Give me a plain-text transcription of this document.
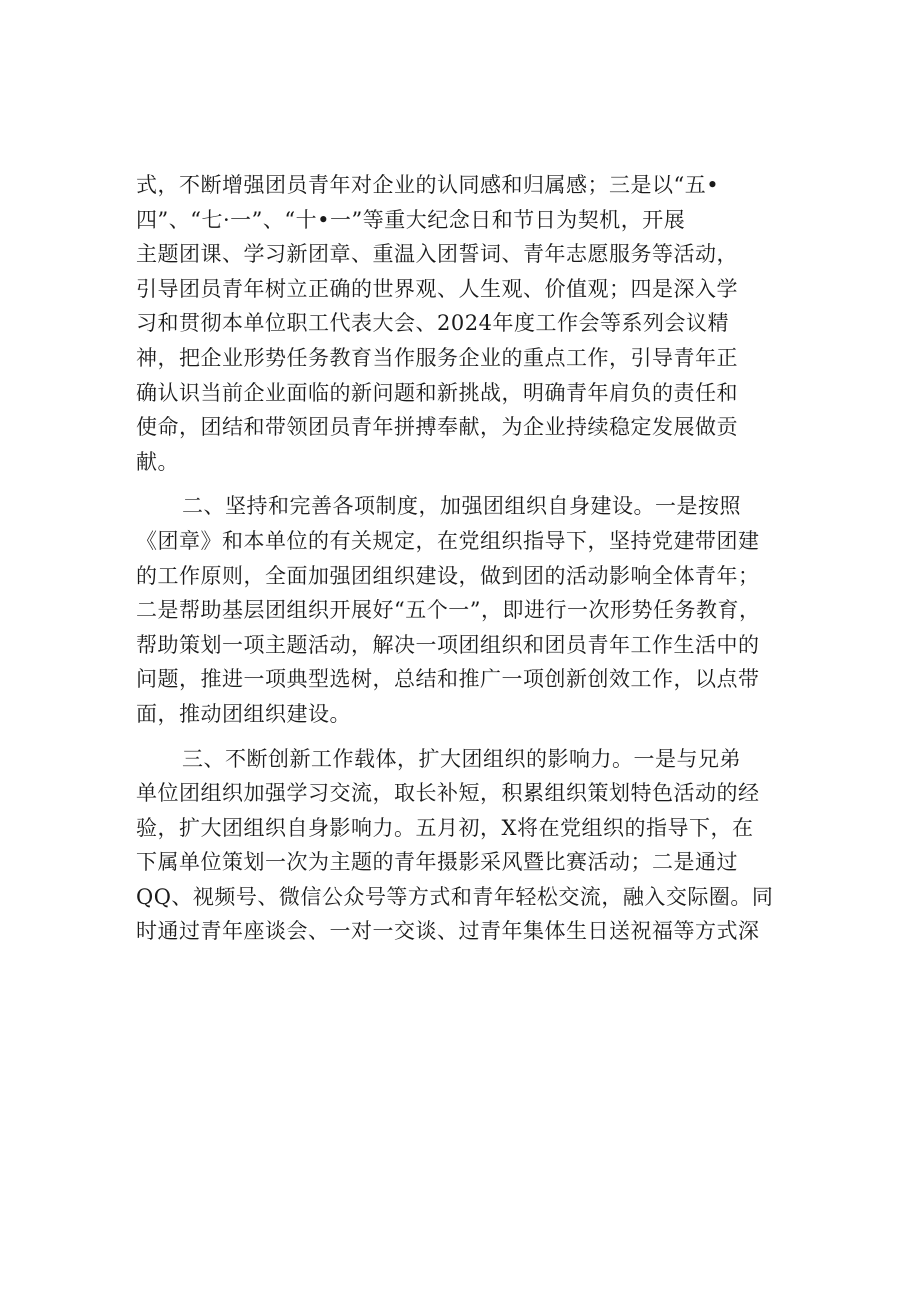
式，不断增强团员青年对企业的认同感和归属感；三是以“五•
四”、“七·一”、“十•一”等重大纪念日和节日为契机，开展
主题团课、学习新团章、重温入团誓词、青年志愿服务等活动，
引导团员青年树立正确的世界观、人生观、价值观；四是深入学
习和贯彻本单位职工代表大会、2024年度工作会等系列会议精
神，把企业形势任务教育当作服务企业的重点工作，引导青年正
确认识当前企业面临的新问题和新挑战，明确青年肩负的责任和
使命，团结和带领团员青年拼搏奉献，为企业持续稳定发展做贡
献。
二、坚持和完善各项制度，加强团组织自身建设。一是按照
《团章》和本单位的有关规定，在党组织指导下，坚持党建带团建
的工作原则，全面加强团组织建设，做到团的活动影响全体青年；
二是帮助基层团组织开展好“五个一”，即进行一次形势任务教育，
帮助策划一项主题活动，解决一项团组织和团员青年工作生活中的
问题，推进一项典型选树，总结和推广一项创新创效工作，以点带
面，推动团组织建设。
三、不断创新工作载体，扩大团组织的影响力。一是与兄弟
单位团组织加强学习交流，取长补短，积累组织策划特色活动的经
验，扩大团组织自身影响力。五月初，X将在党组织的指导下，在
下属单位策划一次为主题的青年摄影采风暨比赛活动；二是通过
QQ、视频号、微信公众号等方式和青年轻松交流，融入交际圈。同
时通过青年座谈会、一对一交谈、过青年集体生日送祝福等方式深
